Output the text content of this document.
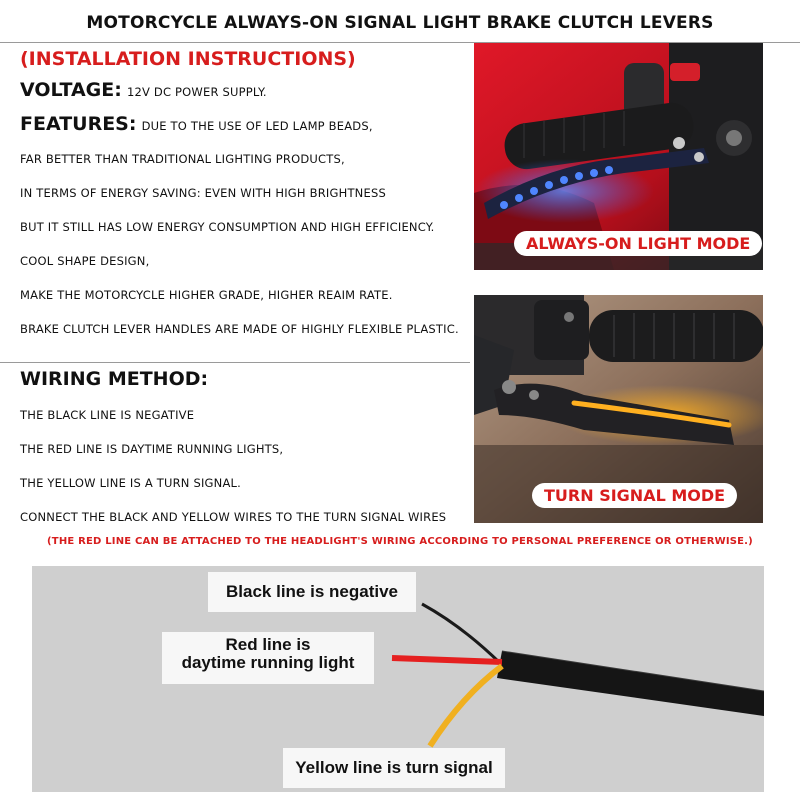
MOTORCYCLE ALWAYS-ON SIGNAL LIGHT BRAKE CLUTCH LEVERS
(INSTALLATION INSTRUCTIONS)
VOLTAGE: 12V DC POWER SUPPLY.
FEATURES: DUE TO THE USE OF LED LAMP BEADS,
FAR BETTER THAN TRADITIONAL LIGHTING PRODUCTS,
IN TERMS OF ENERGY SAVING: EVEN WITH HIGH BRIGHTNESS
BUT IT STILL HAS LOW ENERGY CONSUMPTION AND HIGH EFFICIENCY.
COOL SHAPE DESIGN,
MAKE THE MOTORCYCLE HIGHER GRADE, HIGHER REAIM RATE.
BRAKE CLUTCH LEVER HANDLES ARE MADE OF HIGHLY FLEXIBLE PLASTIC.
WIRING METHOD:
THE BLACK LINE IS NEGATIVE
THE RED LINE IS DAYTIME RUNNING LIGHTS,
THE YELLOW LINE IS A TURN SIGNAL.
CONNECT THE BLACK AND YELLOW WIRES TO THE TURN SIGNAL WIRES
(THE RED LINE CAN BE ATTACHED TO THE HEADLIGHT'S WIRING ACCORDING TO PERSONAL PREFERENCE OR OTHERWISE.)
ALWAYS-ON LIGHT MODE
TURN SIGNAL MODE
Black line is negative
Red line is
daytime running light
Yellow line is turn signal
